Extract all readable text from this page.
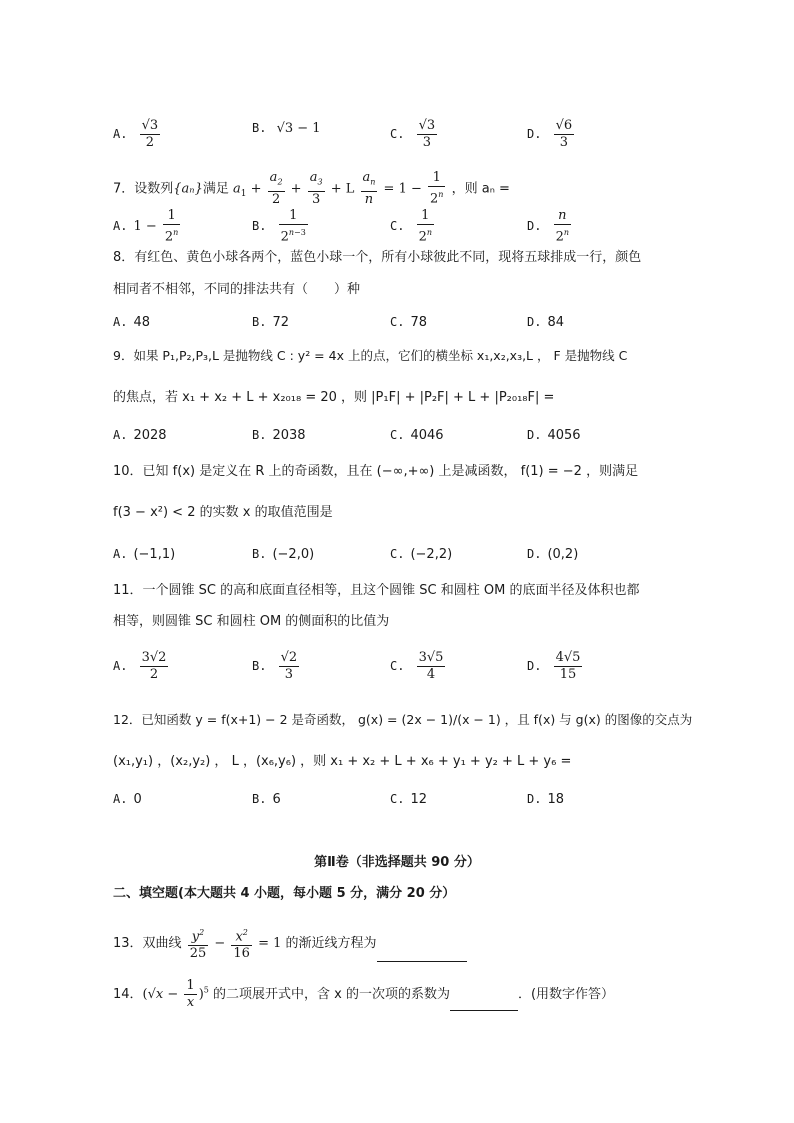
A. $\frac{√3}{2}$	B. √3 − 1	C. $\frac{√3}{3}$	D. $\frac{√6}{3}$
7．设数列{aₙ}满足 $a_1 + \frac{a_2}{2} + \frac{a_3}{3} + L \frac{a_n}{n} = 1 - \frac{1}{2^n}$ ，则 aₙ =
A. $1 - \frac{1}{2^n}$	B. $\frac{1}{2^{n-3}}$	C. $\frac{1}{2^n}$	D. $\frac{n}{2^n}$
8．有红色、黄色小球各两个，蓝色小球一个，所有小球彼此不同，现将五球排成一行，颜色
相同者不相邻，不同的排法共有（　　）种
A. 48	B. 72	C. 78	D. 84
9．如果 P₁,P₂,P₃,L 是抛物线 C : y² = 4x 上的点，它们的横坐标 x₁,x₂,x₃,L ， F 是抛物线 C
的焦点，若 x₁ + x₂ + L + x₂₀₁₈ = 20 ，则 |P₁F| + |P₂F| + L + |P₂₀₁₈F| =
A. 2028	B. 2038	C. 4046	D. 4056
10．已知 f(x) 是定义在 R 上的奇函数，且在 (−∞,+∞) 上是减函数， f(1) = −2 ，则满足
f(3 − x²) < 2 的实数 x 的取值范围是
A. (−1,1)	B. (−2,0)	C. (−2,2)	D. (0,2)
11．一个圆锥 SC 的高和底面直径相等，且这个圆锥 SC 和圆柱 OM 的底面半径及体积也都
相等，则圆锥 SC 和圆柱 OM 的侧面积的比值为
A. $\frac{3√2}{2}$	B. $\frac{√2}{3}$	C. $\frac{3√5}{4}$	D. $\frac{4√5}{15}$
12．已知函数 y = f(x+1) − 2 是奇函数， g(x) = (2x − 1)/(x − 1) ，且 f(x) 与 g(x) 的图像的交点为
(x₁,y₁) ，(x₂,y₂) ， L ，(x₆,y₆) ，则 x₁ + x₂ + L + x₆ + y₁ + y₂ + L + y₆ =
A. 0	B. 6	C. 12	D. 18
第Ⅱ卷（非选择题共 90 分）
二、填空题(本大题共 4 小题，每小题 5 分，满分 20 分）
13．双曲线 $\frac{y^2}{25} - \frac{x^2}{16} = 1$ 的渐近线方程为
14．$(√x - \frac{1}{x} )^5$ 的二项展开式中，含 x 的一次项的系数为	．(用数字作答）
